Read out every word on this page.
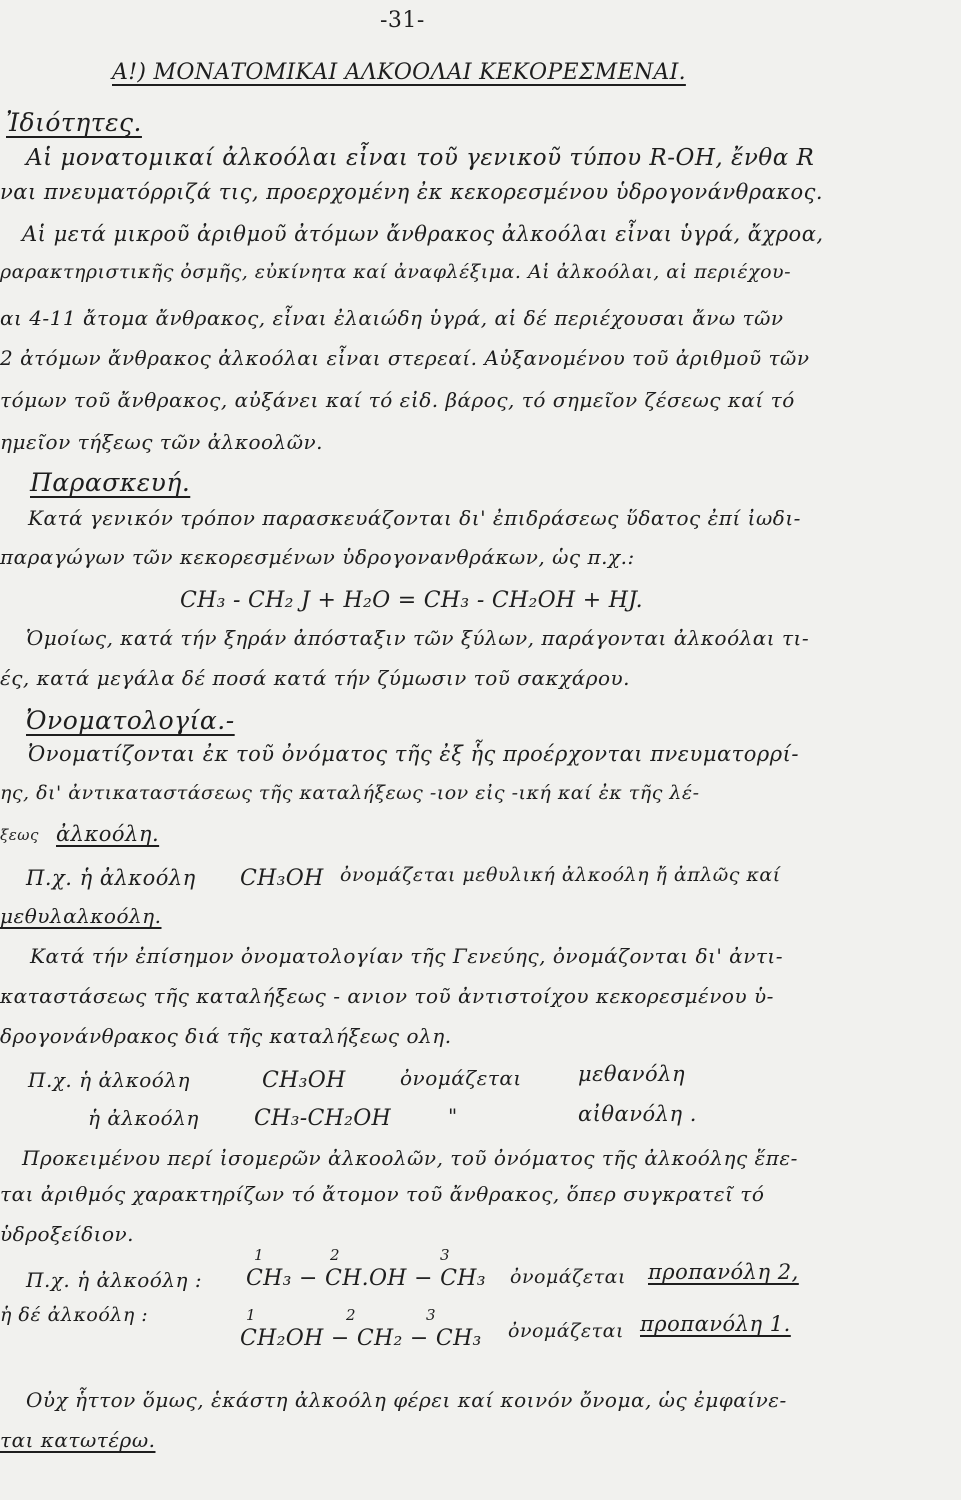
-31-
A!) ΜΟΝΑΤΟΜΙΚΑΙ ΑΛΚΟΟΛΑΙ ΚΕΚΟΡΕΣΜΕΝΑΙ.
Ἰδιότητες.
Αἱ μονατομικαί ἀλκοόλαι εἶναι τοῦ γενικοῦ τύπου R-OH, ἔνθα R
ναι πνευματόρριζά τις, προερχομένη ἐκ κεκορεσμένου ὑδρογονάνθρακος.
Αἱ μετά μικροῦ ἀριθμοῦ ἀτόμων ἄνθρακος ἀλκοόλαι εἶναι ὑγρά, ἄχροα,
ραρακτηριστικῆς ὀσμῆς, εὐκίνητα καί ἀναφλέξιμα. Αἱ ἀλκοόλαι, αἱ περιέχου-
αι 4-11 ἄτομα ἄνθρακος, εἶναι ἐλαιώδη ὑγρά, αἱ δέ περιέχουσαι ἄνω τῶν
2 ἀτόμων ἄνθρακος ἀλκοόλαι εἶναι στερεαί. Αὐξανομένου τοῦ ἀριθμοῦ τῶν
τόμων τοῦ ἄνθρακος, αὐξάνει καί τό εἰδ. βάρος, τό σημεῖον ζέσεως καί τό
ημεῖον τήξεως τῶν ἀλκοολῶν.
Παρασκευή.
Κατά γενικόν τρόπον παρασκευάζονται δι' ἐπιδράσεως ὕδατος ἐπί ἰωδι-
παραγώγων τῶν κεκορεσμένων ὑδρογονανθράκων, ὡς π.χ.:
CH₃ - CH₂ J + H₂O = CH₃ - CH₂OH + HJ.
Ὁμοίως, κατά τήν ξηράν ἀπόσταξιν τῶν ξύλων, παράγονται ἀλκοόλαι τι-
ές, κατά μεγάλα δέ ποσά κατά τήν ζύμωσιν τοῦ σακχάρου.
Ὀνοματολογία.-
Ὀνοματίζονται ἐκ τοῦ ὀνόματος τῆς ἐξ ἧς προέρχονται πνευματορρί-
ης, δι' ἀντικαταστάσεως τῆς καταλήξεως -ιον εἰς -ική καί ἐκ τῆς λέ-
ξεως ἀλκοόλη.
Π.χ. ἡ ἀλκοόλη CH₃OH ὀνομάζεται μεθυλική ἀλκοόλη ἤ ἀπλῶς καί
μεθυλαλκοόλη.
Κατά τήν ἐπίσημον ὀνοματολογίαν τῆς Γενεύης, ὀνομάζονται δι' ἀντι-
καταστάσεως τῆς καταλήξεως - ανιον τοῦ ἀντιστοίχου κεκορεσμένου ὑ-
δρογονάνθρακος διά τῆς καταλήξεως ολη.
Π.χ. ἡ ἀλκοόλη	CH₃OH	ὀνομάζεται	μεθανόλη
ἡ ἀλκοόλη	CH₃-CH₂OH	"	αἰθανόλη .
Προκειμένου περί ἰσομερῶν ἀλκοολῶν, τοῦ ὀνόματος τῆς ἀλκοόλης ἕπε-
ται ἀριθμός χαρακτηρίζων τό ἄτομον τοῦ ἄνθρακος, ὅπερ συγκρατεῖ τό
ὑδροξείδιον.
1	2	3
Π.χ. ἡ ἀλκοόλη : CH₃ − CH.OH − CH₃ ὀνομάζεται προπανόλη 2,
ἡ δέ ἀλκοόλη :	1	2	3
CH₂OH − CH₂ − CH₃ ὀνομάζεται προπανόλη 1.
Οὐχ ἧττον ὅμως, ἑκάστη ἀλκοόλη φέρει καί κοινόν ὄνομα, ὡς ἐμφαίνε-
ται κατωτέρω.
